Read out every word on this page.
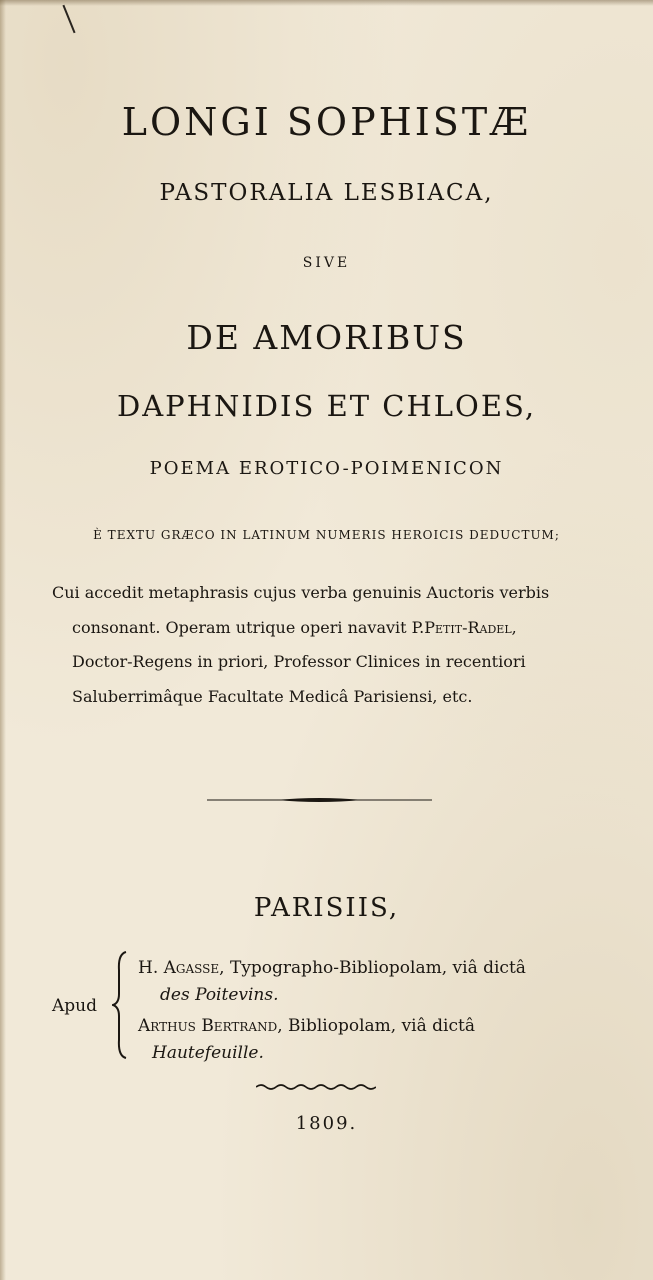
LONGI SOPHISTÆ
PASTORALIA LESBIACA,
SIVE
DE AMORIBUS
DAPHNIDIS ET CHLOES,
POEMA EROTICO-POIMENICON
È TEXTU GRÆCO IN LATINUM NUMERIS HEROICIS DEDUCTUM;
Cui accedit metaphrasis cujus verba genuinis Auctoris verbis
consonant. Operam utrique operi navavit P.Petit-Radel,
Doctor-Regens in priori, Professor Clinices in recentiori
Saluberrimâque Facultate Medicâ Parisiensi, etc.
PARISIIS,
Apud
H. Agasse, Typographo-Bibliopolam, viâ dictâ
des Poitevins.
Arthus Bertrand, Bibliopolam, viâ dictâ
Hautefeuille.
1809.
